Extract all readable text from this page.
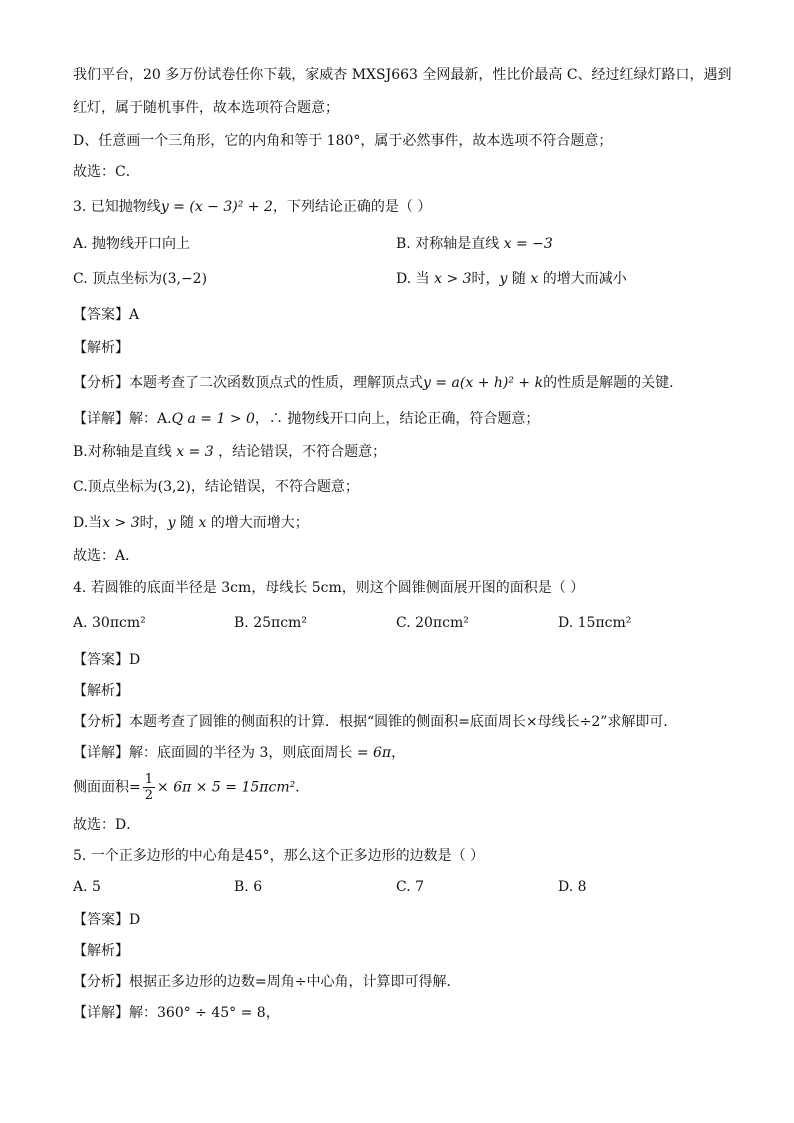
我们平台，20 多万份试卷任你下载，家威杏 MXSJ663 全网最新，性比价最高 C、经过红绿灯路口，遇到
红灯，属于随机事件，故本选项符合题意；
D、任意画一个三角形，它的内角和等于 180°，属于必然事件，故本选项不符合题意；
故选：C．
3. 已知抛物线y = (x − 3)² + 2，下列结论正确的是（ ）
A. 抛物线开口向上	B. 对称轴是直线 x = −3
C. 顶点坐标为(3,−2)	D. 当 x > 3时，y 随 x 的增大而减小
【答案】A
【解析】
【分析】本题考查了二次函数顶点式的性质，理解顶点式y = a(x + h)² + k的性质是解题的关键．
【详解】解：A.Q a = 1 > 0，∴ 抛物线开口向上，结论正确，符合题意；
B.对称轴是直线 x = 3 ，结论错误，不符合题意；
C.顶点坐标为(3,2)，结论错误，不符合题意；
D.当x > 3时，y 随 x 的增大而增大；
故选：A．
4. 若圆锥的底面半径是 3cm，母线长 5cm，则这个圆锥侧面展开图的面积是（ ）
A. 30πcm²	B. 25πcm²	C. 20πcm²	D. 15πcm²
【答案】D
【解析】
【分析】本题考查了圆锥的侧面积的计算．根据“圆锥的侧面积=底面周长×母线长÷2”求解即可．
【详解】解：底面圆的半径为 3，则底面周长 = 6π，
侧面面积= $\frac{1}{2} \times 6\pi \times 5 = 15\pi cm^2$．
故选：D．
5. 一个正多边形的中心角是45°，那么这个正多边形的边数是（ ）
A. 5	B. 6	C. 7	D. 8
【答案】D
【解析】
【分析】根据正多边形的边数=周角÷中心角，计算即可得解．
【详解】解：360° ÷ 45° = 8，
